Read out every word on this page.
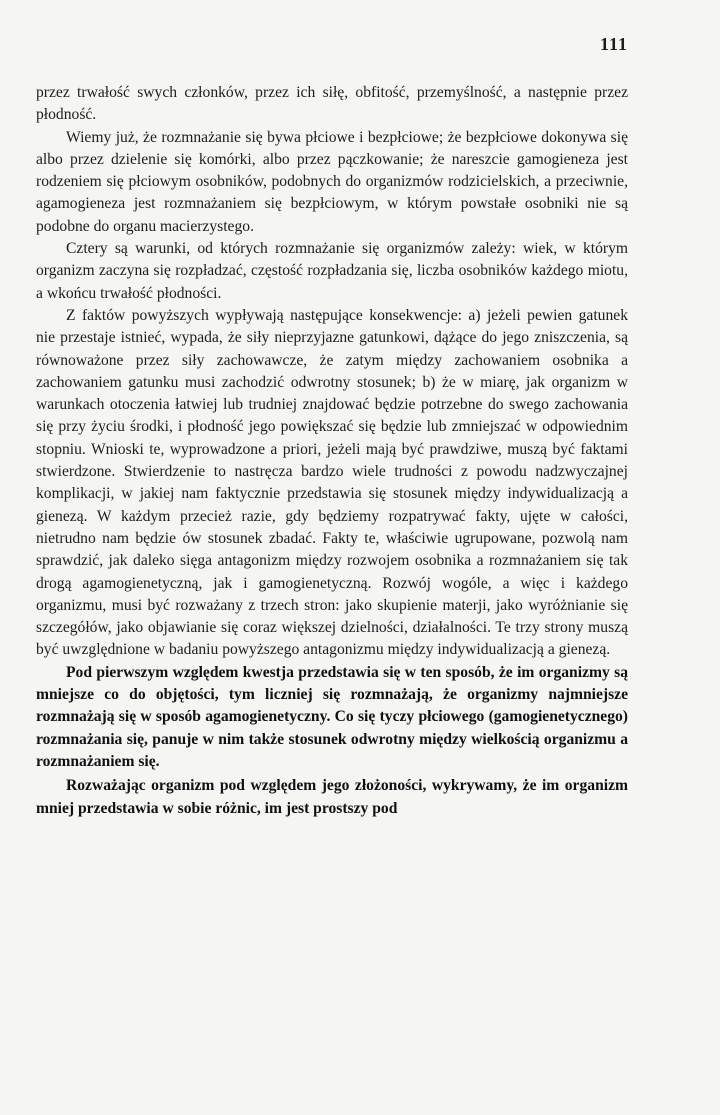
111

przez trwałość swych członków, przez ich siłę, obfitość, przemyślność, a następnie przez płodność.

Wiemy już, że rozmnażanie się bywa płciowe i bezpłciowe; że bezpłciowe dokonywa się albo przez dzielenie się komórki, albo przez pączkowanie; że nareszcie gamogieneza jest rodzeniem się płciowym osobników, podobnych do organizmów rodzicielskich, a przeciwnie, agamogieneza jest rozmnażaniem się bezpłciowym, w którym powstałe osobniki nie są podobne do organu macierzystego.

Cztery są warunki, od których rozmnażanie się organizmów zależy: wiek, w którym organizm zaczyna się rozpładzać, częstość rozpładzania się, liczba osobników każdego miotu, a wkońcu trwałość płodności.

Z faktów powyższych wypływają następujące konsekwencje: a) jeżeli pewien gatunek nie przestaje istnieć, wypada, że siły nieprzyjazne gatunkowi, dążące do jego zniszczenia, są równoważone przez siły zachowawcze, że zatym między zachowaniem osobnika a zachowaniem gatunku musi zachodzić odwrotny stosunek; b) że w miarę, jak organizm w warunkach otoczenia łatwiej lub trudniej znajdować będzie potrzebne do swego zachowania się przy życiu środki, i płodność jego powiększać się będzie lub zmniejszać w odpowiednim stopniu. Wnioski te, wyprowadzone a priori, jeżeli mają być prawdziwe, muszą być faktami stwierdzone. Stwierdzenie to nastręcza bardzo wiele trudności z powodu nadzwyczajnej komplikacji, w jakiej nam faktycznie przedstawia się stosunek między indywidualizacją a gienezą. W każdym przecież razie, gdy będziemy rozpatrywać fakty, ujęte w całości, nietrudno nam będzie ów stosunek zbadać. Fakty te, właściwie ugrupowane, pozwolą nam sprawdzić, jak daleko sięga antagonizm między rozwojem osobnika a rozmnażaniem się tak drogą agamogienetyczną, jak i gamogienetyczną. Rozwój wogóle, a więc i każdego organizmu, musi być rozważany z trzech stron: jako skupienie materji, jako wyróżnianie się szczegółów, jako objawianie się coraz większej dzielności, działalności. Te trzy strony muszą być uwzględnione w badaniu powyższego antagonizmu między indywidualizacją a gienezą.

Pod pierwszym względem kwestja przedstawia się w ten sposób, że im organizmy są mniejsze co do objętości, tym liczniej się rozmnażają, że organizmy najmniejsze rozmnażają się w sposób agamogienetyczny. Co się tyczy płciowego (gamogienetycznego) rozmnażania się, panuje w nim także stosunek odwrotny między wielkością organizmu a rozmnażaniem się.

Rozważając organizm pod względem jego złożoności, wykrywamy, że im organizm mniej przedstawia w sobie różnic, im jest prostszy pod
